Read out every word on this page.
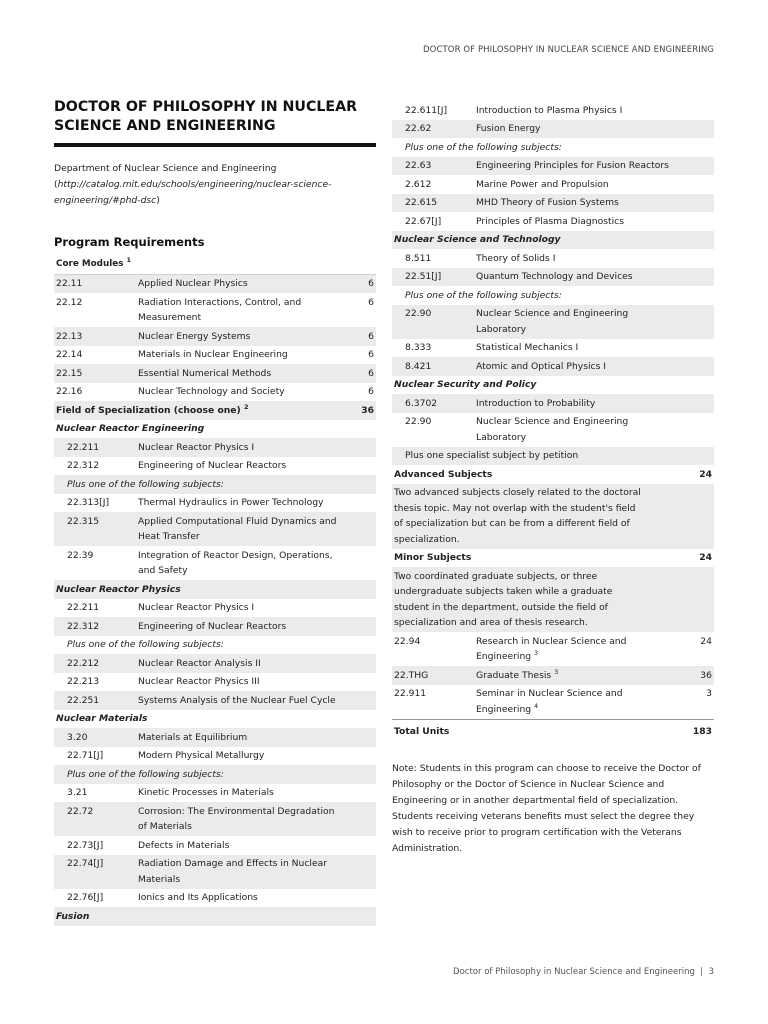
DOCTOR OF PHILOSOPHY IN NUCLEAR SCIENCE AND ENGINEERING
DOCTOR OF PHILOSOPHY IN NUCLEAR SCIENCE AND ENGINEERING
Department of Nuclear Science and Engineering (http://catalog.mit.edu/schools/engineering/nuclear-science-engineering/#phd-dsc)
Program Requirements
Core Modules $^1$
22.11	Applied Nuclear Physics	6
22.12	Radiation Interactions, Control, and Measurement	6
22.13	Nuclear Energy Systems	6
22.14	Materials in Nuclear Engineering	6
22.15	Essential Numerical Methods	6
22.16	Nuclear Technology and Society	6
Field of Specialization (choose one) $^2$		36
Nuclear Reactor Engineering		
22.211	Nuclear Reactor Physics I	
22.312	Engineering of Nuclear Reactors	
Plus one of the following subjects:		
22.313[J]	Thermal Hydraulics in Power Technology	
22.315	Applied Computational Fluid Dynamics and Heat Transfer	
22.39	Integration of Reactor Design, Operations, and Safety	
Nuclear Reactor Physics		
22.211	Nuclear Reactor Physics I	
22.312	Engineering of Nuclear Reactors	
Plus one of the following subjects:		
22.212	Nuclear Reactor Analysis II	
22.213	Nuclear Reactor Physics III	
22.251	Systems Analysis of the Nuclear Fuel Cycle	
Nuclear Materials		
3.20	Materials at Equilibrium	
22.71[J]	Modern Physical Metallurgy	
Plus one of the following subjects:		
3.21	Kinetic Processes in Materials	
22.72	Corrosion: The Environmental Degradation of Materials	
22.73[J]	Defects in Materials	
22.74[J]	Radiation Damage and Effects in Nuclear Materials	
22.76[J]	Ionics and Its Applications	
Fusion		
22.611[J]	Introduction to Plasma Physics I	
22.62	Fusion Energy	
Plus one of the following subjects:		
22.63	Engineering Principles for Fusion Reactors	
2.612	Marine Power and Propulsion	
22.615	MHD Theory of Fusion Systems	
22.67[J]	Principles of Plasma Diagnostics	
Nuclear Science and Technology		
8.511	Theory of Solids I	
22.51[J]	Quantum Technology and Devices	
Plus one of the following subjects:		
22.90	Nuclear Science and Engineering Laboratory	
8.333	Statistical Mechanics I	
8.421	Atomic and Optical Physics I	
Nuclear Security and Policy		
6.3702	Introduction to Probability	
22.90	Nuclear Science and Engineering Laboratory	
Plus one specialist subject by petition		
Advanced Subjects		24
Two advanced subjects closely related to the doctoral thesis topic. May not overlap with the student's field of specialization but can be from a different field of specialization.		
Minor Subjects		24
Two coordinated graduate subjects, or three undergraduate subjects taken while a graduate student in the department, outside the field of specialization and area of thesis research.		
22.94	Research in Nuclear Science and Engineering $^3$	24
22.THG	Graduate Thesis $^3$	36
22.911	Seminar in Nuclear Science and Engineering $^4$	3
Total Units		183
Note: Students in this program can choose to receive the Doctor of Philosophy or the Doctor of Science in Nuclear Science and Engineering or in another departmental field of specialization. Students receiving veterans benefits must select the degree they wish to receive prior to program certification with the Veterans Administration.
Doctor of Philosophy in Nuclear Science and Engineering | 3
